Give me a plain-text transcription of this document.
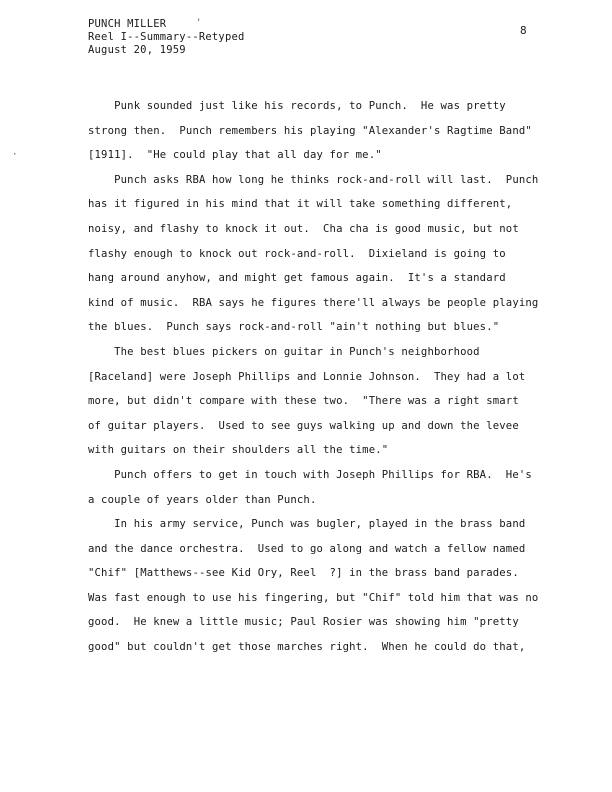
PUNCH MILLER
Reel I--Summary--Retyped
August 20, 1959
8
'
·
Punk sounded just like his records, to Punch.  He was pretty
strong then.  Punch remembers his playing "Alexander's Ragtime Band"
[1911].  "He could play that all day for me."
Punch asks RBA how long he thinks rock-and-roll will last.  Punch
has it figured in his mind that it will take something different,
noisy, and flashy to knock it out.  Cha cha is good music, but not
flashy enough to knock out rock-and-roll.  Dixieland is going to
hang around anyhow, and might get famous again.  It's a standard
kind of music.  RBA says he figures there'll always be people playing
the blues.  Punch says rock-and-roll "ain't nothing but blues."
The best blues pickers on guitar in Punch's neighborhood
[Raceland] were Joseph Phillips and Lonnie Johnson.  They had a lot
more, but didn't compare with these two.  "There was a right smart
of guitar players.  Used to see guys walking up and down the levee
with guitars on their shoulders all the time."
Punch offers to get in touch with Joseph Phillips for RBA.  He's
a couple of years older than Punch.
In his army service, Punch was bugler, played in the brass band
and the dance orchestra.  Used to go along and watch a fellow named
"Chif" [Matthews--see Kid Ory, Reel  ?] in the brass band parades.
Was fast enough to use his fingering, but "Chif" told him that was no
good.  He knew a little music; Paul Rosier was showing him "pretty
good" but couldn't get those marches right.  When he could do that,
